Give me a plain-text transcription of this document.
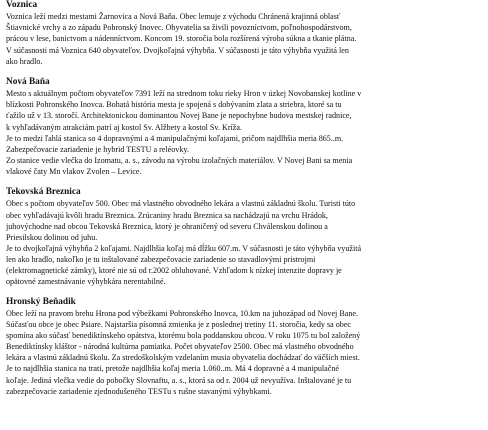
Voznica
Voznica leží medzi mestami Žarnovica a Nová Baňa. Obec lemuje z východu Chránená krajinná oblasť
Štiavnické vrchy a zo západu Pohronský Inovec. Obyvatelia sa živili povozníctvom, poľnohospodárstvom,
prácou v lese, banictvom a nádenníctvom. Koncom 19. storočia bola rozšírená výroba súkna a tkanie plátna.
V súčasnosti má Voznica 640 obyvateľov. Dvojkoľajná výhybňa. V súčasnosti je táto výhybňa využitá len
ako hradlo.
Nová Baňa
Mesto s aktuálnym počtom obyvateľov 7391 leží na strednom toku rieky Hron v úzkej Novobanskej kotline v
blízkosti Pohronského Inovca. Bohatá história mesta je spojená s dobývaním zlata a striebra, ktoré sa tu
ťažilo už v 13. storočí. Architektonickou dominantou Novej Bane je nepochybne budova mestskej radnice,
k vyhľadávaným atrakciám patrí aj kostol Sv. Alžbety a kostol Sv. Kríža.
Je to medzi ľahlá stanica so 4 dopravnými a 4 manipulačnými koľajami, pričom najdlhšia meria 865..m.
Zabezpečovacie zariadenie je hybrid TESTU a reléovky.
Zo stanice vedie vlečka do Izomatu, a. s., závodu na výrobu izolačných materiálov. V Novej Bani sa menia
vlakové čaty Mn vlakov Zvolen – Levice.
Tekovská Breznica
Obec s počtom obyvateľov 500. Obec má vlastného obvodného lekára a vlastnú základnú školu. Turisti túto
obec vyhľadávajú kvôli hradu Breznica. Zrúcaniny hradu Breznica sa nachádzajú na vrchu Hrádok,
juhovýchodne nad obcou Tekovská Breznica, ktorý je ohraničený od severu Chválenskou dolinou a
Priesilskou dolinou od juhu.
Je to dvojkoľajná výhybňa 2 koľajami. Najdlhšia koľaj má dĺžku 607.m. V súčasnosti je táto výhybňa využitá
len ako hradlo, nakoľko je tu inštalované zabezpečovacie zariadenie so stavadlovými pristrojmi
(elektromagnetické zámky), ktoré nie sú od r.2002 obluhované. Vzhľadom k nízkej intenzite dopravy je
opätovné zamestnávanie výhybkára nerentabilné.
Hronský Beňadik
Obec leží na pravom brehu Hrona pod výbežkami Pohronského Inovca, 10.km na juhozápad od Novej Bane.
Súčasťou obce je obec Psiare. Najstaršia písomná zmienka je z poslednej tretiny 11. storočia, kedy sa obec
spomína ako súčasť benediktínskeho opátstva, ktorému bola poddanskou obcou. V roku 1075 tu bol založený
Benediktínsky kláštor - národná kultúrna pamiatka. Počet obyvateľov 2500. Obec má vlastného obvodného
lekára a vlastnú základnú školu. Za stredoškolským vzdelaním musia obyvatelia dochádzať do väčších miest.
Je to najdlhšia stanica na trati, pretože najdlhšia koľaj meria 1.060..m. Má 4 dopravné a 4 manipulačné
koľaje. Jediná vlečka vedie do pobočky Slovnaftu, a. s., ktorá sa od r. 2004 už nevyužíva. Inštalované je tu
zabezpečovacie zariadenie zjednodušeného TESTu s rušne stavanými výhybkami.
